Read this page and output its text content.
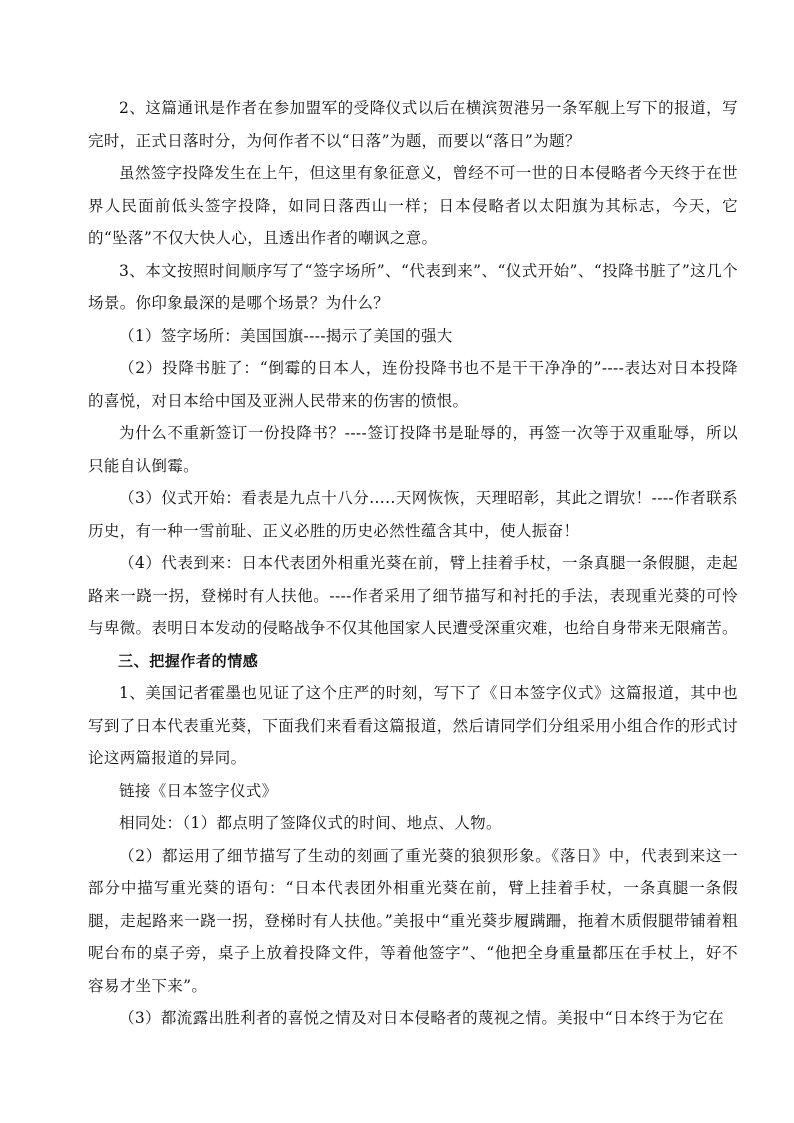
2、这篇通讯是作者在参加盟军的受降仪式以后在横滨贺港另一条军舰上写下的报道，写完时，正式日落时分，为何作者不以“日落”为题，而要以“落日”为题？

虽然签字投降发生在上午，但这里有象征意义，曾经不可一世的日本侵略者今天终于在世界人民面前低头签字投降，如同日落西山一样；日本侵略者以太阳旗为其标志，今天，它的“坠落”不仅大快人心，且透出作者的嘲讽之意。

3、本文按照时间顺序写了“签字场所”、“代表到来”、“仪式开始”、“投降书脏了”这几个场景。你印象最深的是哪个场景？为什么？

（1）签字场所：美国国旗----揭示了美国的强大

（2）投降书脏了：“倒霉的日本人，连份投降书也不是干干净净的”----表达对日本投降的喜悦，对日本给中国及亚洲人民带来的伤害的愤恨。

为什么不重新签订一份投降书？----签订投降书是耻辱的，再签一次等于双重耻辱，所以只能自认倒霉。

（3）仪式开始：看表是九点十八分.....天网恢恢，天理昭彰，其此之谓欤！----作者联系历史，有一种一雪前耻、正义必胜的历史必然性蕴含其中，使人振奋！

（4）代表到来：日本代表团外相重光葵在前，臂上挂着手杖，一条真腿一条假腿，走起路来一跷一拐，登梯时有人扶他。----作者采用了细节描写和衬托的手法，表现重光葵的可怜与卑微。表明日本发动的侵略战争不仅其他国家人民遭受深重灾难，也给自身带来无限痛苦。

三、把握作者的情感

1、美国记者霍墨也见证了这个庄严的时刻，写下了《日本签字仪式》这篇报道，其中也写到了日本代表重光葵，下面我们来看看这篇报道，然后请同学们分组采用小组合作的形式讨论这两篇报道的异同。

链接《日本签字仪式》

相同处：（1）都点明了签降仪式的时间、地点、人物。

（2）都运用了细节描写了生动的刻画了重光葵的狼狈形象。《落日》中，代表到来这一部分中描写重光葵的语句：“日本代表团外相重光葵在前，臂上挂着手杖，一条真腿一条假腿，走起路来一跷一拐，登梯时有人扶他。”美报中“重光葵步履蹒跚，拖着木质假腿带铺着粗呢台布的桌子旁，桌子上放着投降文件，等着他签字”、“他把全身重量都压在手杖上，好不容易才坐下来”。

（3）都流露出胜利者的喜悦之情及对日本侵略者的蔑视之情。美报中“日本终于为它在
